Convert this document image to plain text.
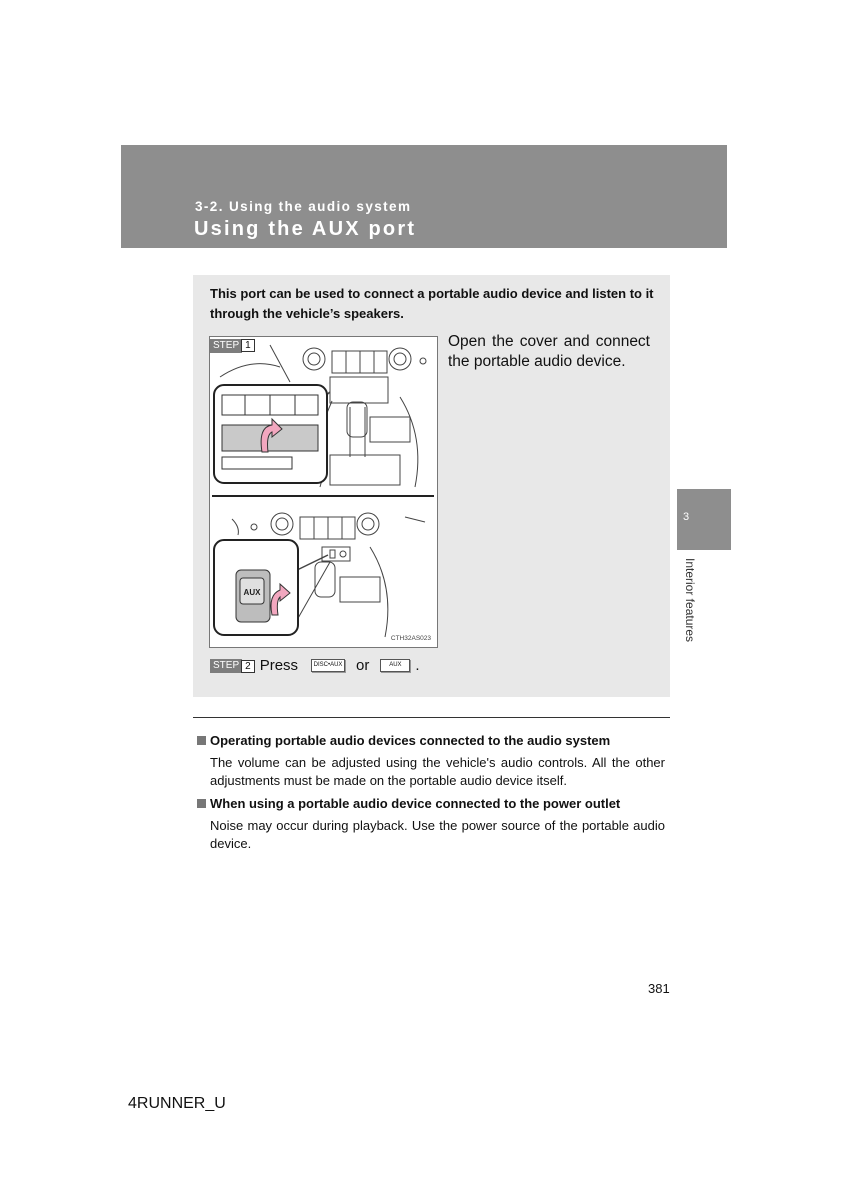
3-2. Using the audio system
Using the AUX port
This port can be used to connect a portable audio device and listen to it through the vehicle’s speakers.
AUX
CTH32AS023
STEP 1	Open the cover and connect the portable audio device.
STEP 2 Press	DISC•AUX or	AUX .
Operating portable audio devices connected to the audio system
The volume can be adjusted using the vehicle's audio controls. All the other adjustments must be made on the portable audio device itself.
When using a portable audio device connected to the power outlet
Noise may occur during playback. Use the power source of the portable audio device.
381
4RUNNER_U
3
Interior features
